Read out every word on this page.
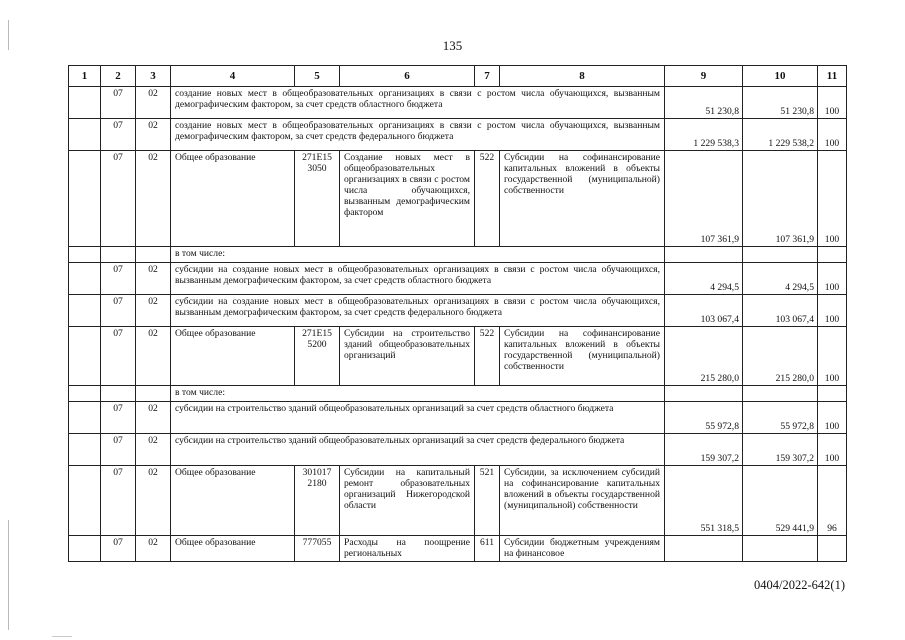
135
1	2	3	4	5	6	7	8	9	10	11
	07	02	создание новых мест в общеобразовательных организациях в связи с ростом числа обучающихся, вызванным демографическим фактором, за счет средств областного бюджета					51 230,8	51 230,8	100
	07	02	создание новых мест в общеобразовательных организациях в связи с ростом числа обучающихся, вызванным демографическим фактором, за счет средств федерального бюджета					1 229 538,3	1 229 538,2	100
	07	02	Общее образование	271E15 3050	Создание новых мест в общеобразовательных организациях в связи с ростом числа обучающихся, вызванным демографическим фактором	522	Субсидии на софинансирование капитальных вложений в объекты государственной (муниципальной) собственности	107 361,9	107 361,9	100
			в том числе:							
	07	02	субсидии на создание новых мест в общеобразовательных организациях в связи с ростом числа обучающихся, вызванным демографическим фактором, за счет средств областного бюджета					4 294,5	4 294,5	100
	07	02	субсидии на создание новых мест в общеобразовательных организациях в связи с ростом числа обучающихся, вызванным демографическим фактором, за счет средств федерального бюджета					103 067,4	103 067,4	100
	07	02	Общее образование	271E15 5200	Субсидии на строительство зданий общеобразовательных организаций	522	Субсидии на софинансирование капитальных вложений в объекты государственной (муниципальной) собственности	215 280,0	215 280,0	100
			в том числе:							
	07	02	субсидии на строительство зданий общеобразовательных организаций за счет средств областного бюджета					55 972,8	55 972,8	100
	07	02	субсидии на строительство зданий общеобразовательных организаций за счет средств федерального бюджета					159 307,2	159 307,2	100
	07	02	Общее образование	301017 2180	Субсидии на капитальный ремонт образовательных организаций Нижегородской области	521	Субсидии, за исключением субсидий на софинансирование капитальных вложений в объекты государственной (муниципальной) собственности	551 318,5	529 441,9	96
	07	02	Общее образование	777055	Расходы на поощрение региональных	611	Субсидии бюджетным учреждениям на финансовое			
0404/2022-642(1)
